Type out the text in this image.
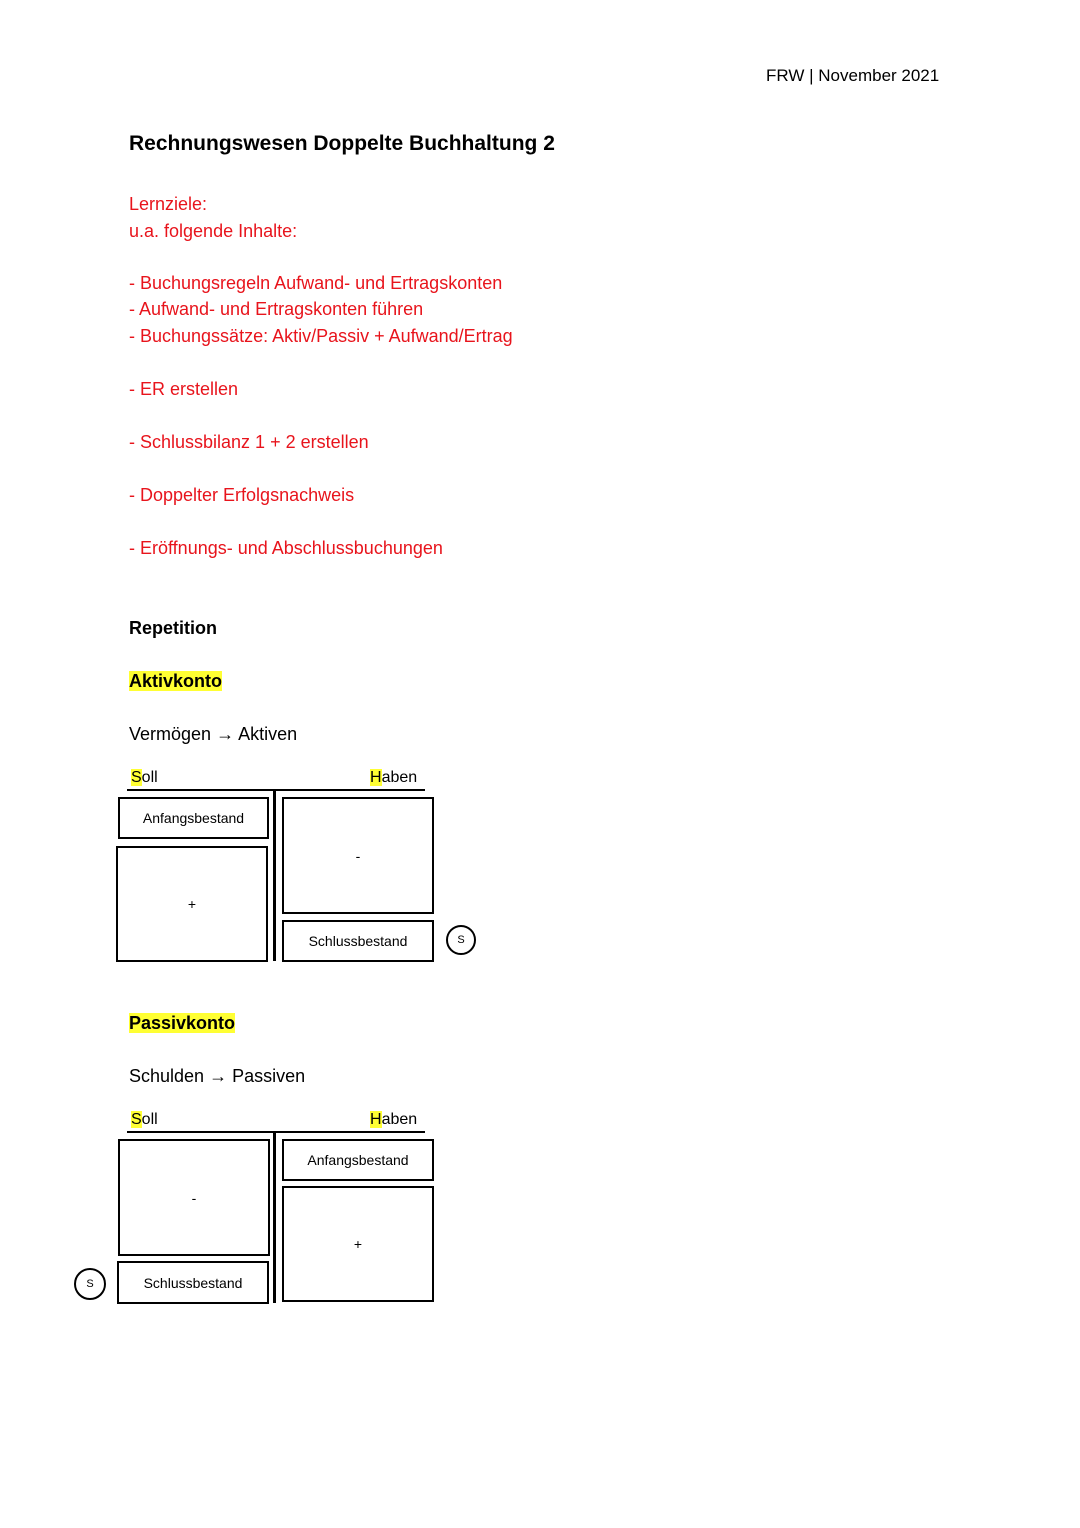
FRW | November 2021
Rechnungswesen Doppelte Buchhaltung 2
Lernziele:
u.a. folgende Inhalte:
- Buchungsregeln Aufwand- und Ertragskonten
- Aufwand- und Ertragskonten führen
- Buchungssätze: Aktiv/Passiv + Aufwand/Ertrag
- ER erstellen
- Schlussbilanz 1 + 2 erstellen
- Doppelter Erfolgsnachweis
- Eröffnungs- und Abschlussbuchungen
Repetition
Aktivkonto
Vermögen → Aktiven
Soll	Haben
Anfangsbestand
+
-
Schlussbestand	S
Passivkonto
Schulden → Passiven
Soll	Haben
-
Schlussbestand
Anfangsbestand
+
S
